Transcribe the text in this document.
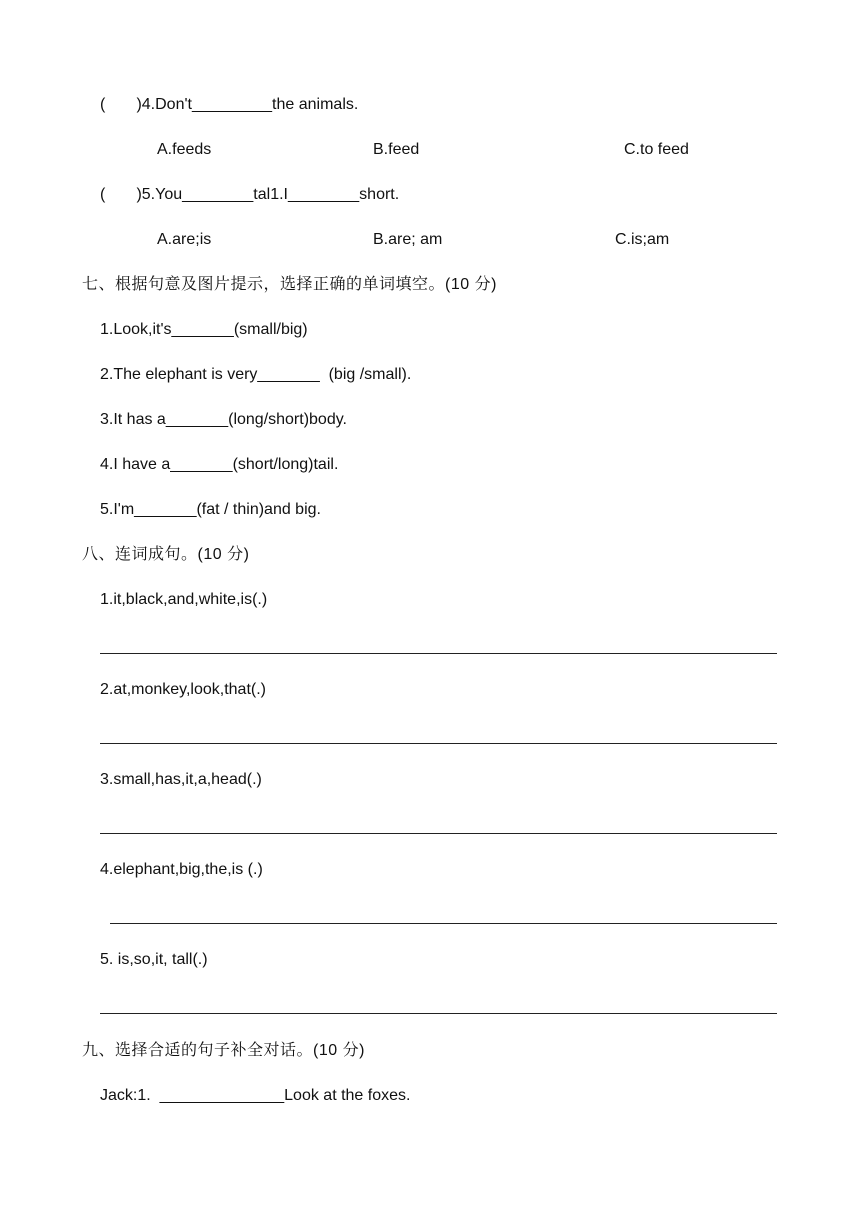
(       )4.Don't_________the animals.
A.feeds	B.feed	C.to feed
(       )5.You________tal1.I________short.
A.are;is	B.are; am	C.is;am
七、根据句意及图片提示，选择正确的单词填空。(10 分)
1.Look,it's_______(small/big)
2.The elephant is very_______  (big /small).
3.It has a_______(long/short)body.
4.I have a_______(short/long)tail.
5.I'm_______(fat / thin)and big.
八、连词成句。(10 分)
1.it,black,and,white,is(.)
2.at,monkey,look,that(.)
3.small,has,it,a,head(.)
4.elephant,big,the,is (.)
5. is,so,it, tall(.)
九、选择合适的句子补全对话。(10 分)
Jack:1.  ______________Look at the foxes.
